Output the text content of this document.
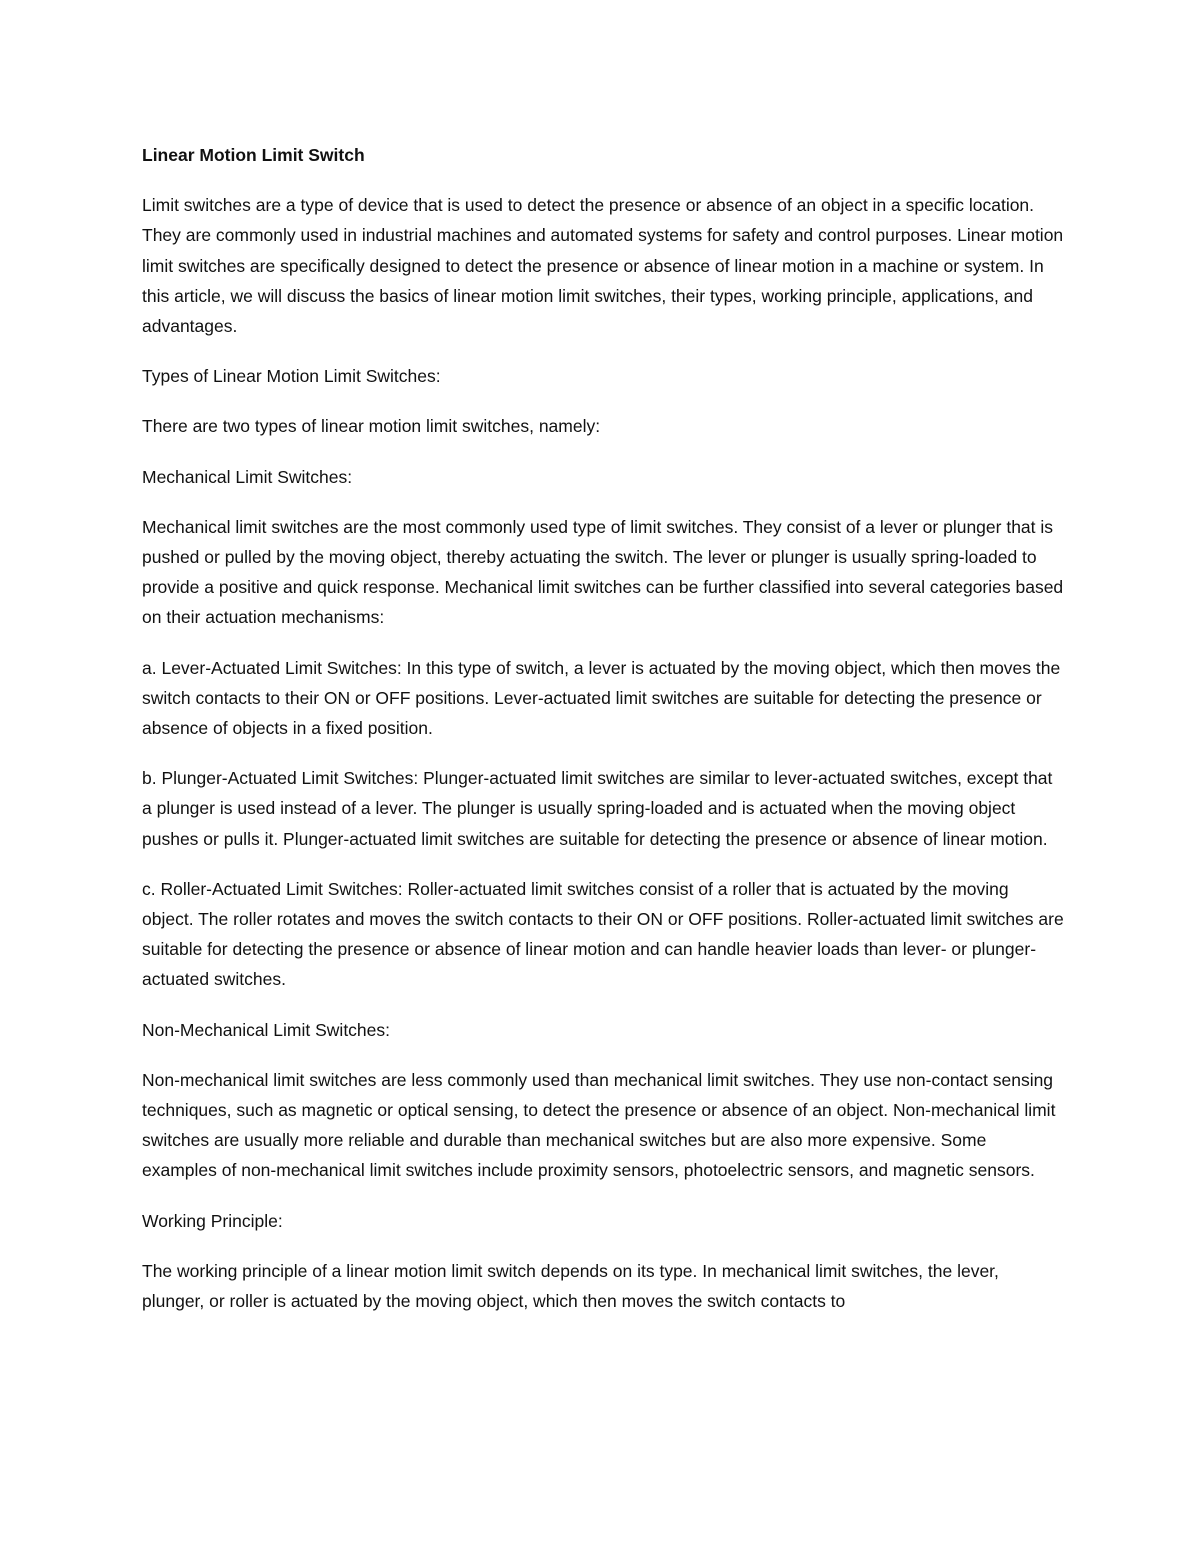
Linear Motion Limit Switch

Limit switches are a type of device that is used to detect the presence or absence of an object in a specific location. They are commonly used in industrial machines and automated systems for safety and control purposes. Linear motion limit switches are specifically designed to detect the presence or absence of linear motion in a machine or system. In this article, we will discuss the basics of linear motion limit switches, their types, working principle, applications, and advantages.

Types of Linear Motion Limit Switches:

There are two types of linear motion limit switches, namely:

Mechanical Limit Switches:

Mechanical limit switches are the most commonly used type of limit switches. They consist of a lever or plunger that is pushed or pulled by the moving object, thereby actuating the switch. The lever or plunger is usually spring-loaded to provide a positive and quick response. Mechanical limit switches can be further classified into several categories based on their actuation mechanisms:

a. Lever-Actuated Limit Switches: In this type of switch, a lever is actuated by the moving object, which then moves the switch contacts to their ON or OFF positions. Lever-actuated limit switches are suitable for detecting the presence or absence of objects in a fixed position.

b. Plunger-Actuated Limit Switches: Plunger-actuated limit switches are similar to lever-actuated switches, except that a plunger is used instead of a lever. The plunger is usually spring-loaded and is actuated when the moving object pushes or pulls it. Plunger-actuated limit switches are suitable for detecting the presence or absence of linear motion.

c. Roller-Actuated Limit Switches: Roller-actuated limit switches consist of a roller that is actuated by the moving object. The roller rotates and moves the switch contacts to their ON or OFF positions. Roller-actuated limit switches are suitable for detecting the presence or absence of linear motion and can handle heavier loads than lever- or plunger-actuated switches.

Non-Mechanical Limit Switches:

Non-mechanical limit switches are less commonly used than mechanical limit switches. They use non-contact sensing techniques, such as magnetic or optical sensing, to detect the presence or absence of an object. Non-mechanical limit switches are usually more reliable and durable than mechanical switches but are also more expensive. Some examples of non-mechanical limit switches include proximity sensors, photoelectric sensors, and magnetic sensors.

Working Principle:

The working principle of a linear motion limit switch depends on its type. In mechanical limit switches, the lever, plunger, or roller is actuated by the moving object, which then moves the switch contacts to
